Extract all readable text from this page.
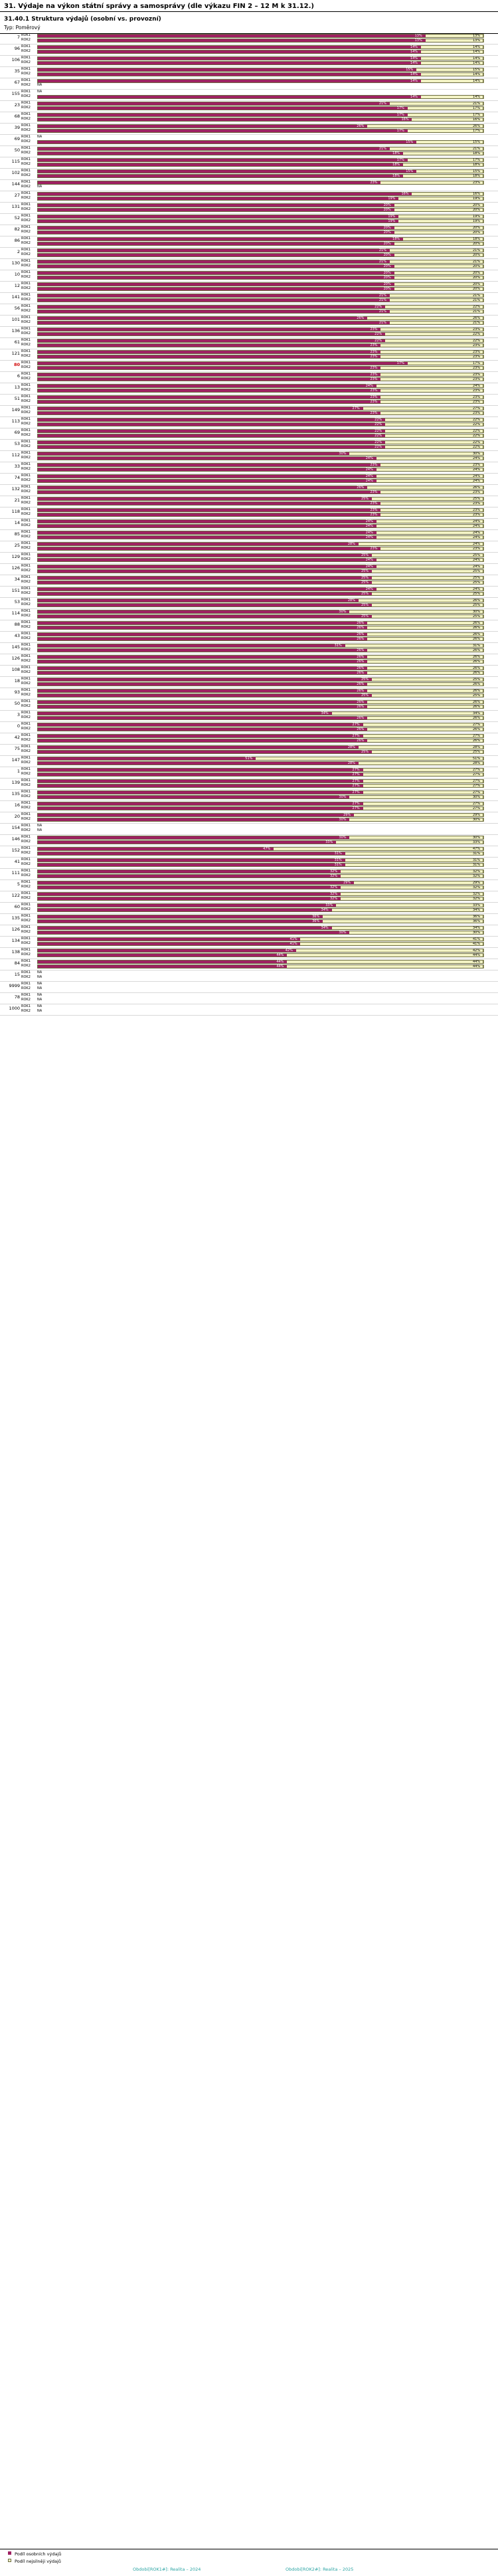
31. Výdaje na výkon státní správy a samosprávy (dle výkazu FIN 2 – 12 M k 31.12.)
31.40.1 Struktura výdajů (osobní vs. provozní)
Typ: Poměrový
7 ROK1	13%	13%
ROK2	13%	13%
96 ROK1	14%	14%
ROK2	14%	14%
106 ROK1	14%	14%
ROK2	14%	14%
35 ROK1	15%	15%
ROK2	14%	14%
67 ROK1	14%	14%
ROK2	NA
155 ROK1	NA
ROK2	14%	14%
23 ROK1	21%	21%
ROK2	17%	17%
68 ROK1	17%	17%
ROK2	16%	16%
39 ROK1	26%	26%
ROK2	17%	17%
69 ROK1	NA
ROK2	15%	15%
50 ROK1	21%	21%
ROK2	18%	18%
115 ROK1	17%	17%
ROK2	18%	18%
102 ROK1	15%	15%
ROK2	18%	18%
144 ROK1	23%	23%
ROK2	NA
27 ROK1	16%	16%
ROK2	19%	19%
131 ROK1	20%	20%
ROK2	20%	20%
52 ROK1	19%	19%
ROK2	19%	19%
82 ROK1	20%	20%
ROK2	20%	20%
86 ROK1	18%	18%
ROK2	20%	20%
2 ROK1	21%	21%
ROK2	20%	20%
130 ROK1	21%	21%
ROK2	20%	20%
10 ROK1	20%	20%
ROK2	20%	20%
12 ROK1	20%	20%
ROK2	20%	20%
141 ROK1	21%	21%
ROK2	21%	21%
56 ROK1	22%	22%
ROK2	21%	21%
101 ROK1	26%	26%
ROK2	21%	21%
136 ROK1	23%	23%
ROK2	22%	22%
61 ROK1	22%	22%
ROK2	23%	23%
121 ROK1	23%	23%
ROK2	23%	23%
80 ROK1	17%	17%
ROK2	23%	23%
6 ROK1	23%	23%
ROK2	23%	23%
13 ROK1	24%	24%
ROK2	23%	23%
51 ROK1	23%	23%
ROK2	23%	23%
149 ROK1	27%	27%
ROK2	23%	23%
113 ROK1	22%	22%
ROK2	22%	22%
69 ROK1	22%	22%
ROK2	22%	22%
53 ROK1	22%	22%
ROK2	22%	22%
112 ROK1	30%	30%
ROK2	24%	24%
33 ROK1	23%	23%
ROK2	24%	24%
74 ROK1	24%	24%
ROK2	24%	24%
132 ROK1	26%	26%
ROK2	23%	23%
21 ROK1	25%	25%
ROK2	23%	23%
118 ROK1	23%	23%
ROK2	23%	23%
14 ROK1	24%	24%
ROK2	24%	24%
85 ROK1	24%	24%
ROK2	24%	24%
25 ROK1	28%	24%
ROK2	23%	23%
129 ROK1	25%	25%
ROK2	24%	24%
126 ROK1	24%	24%
ROK2	25%	25%
34 ROK1	25%	25%
ROK2	25%	25%
151 ROK1	24%	24%
ROK2	25%	25%
53 ROK1	28%	26%
ROK2	25%	25%
114 ROK1	30%	30%
ROK2	25%	25%
88 ROK1	26%	26%
ROK2	26%	26%
43 ROK1	26%	26%
ROK2	26%	26%
145 ROK1	31%	31%
ROK2	26%	26%
126 ROK1	26%	26%
ROK2	26%	26%
108 ROK1	26%	26%
ROK2	26%	26%
18 ROK1	25%	25%
ROK2	26%	26%
93 ROK1	26%	26%
ROK2	25%	25%
50 ROK1	26%	26%
ROK2	26%	26%
3 ROK1	34%	34%
ROK2	26%	26%
0 ROK1	27%	27%
ROK2	26%	26%
42 ROK1	27%	27%
ROK2	26%	26%
75 ROK1	28%	28%
ROK2	25%	25%
147 ROK1	51%	51%
ROK2	28%	28%
1 ROK1	27%	27%
ROK2	27%	27%
139 ROK1	27%	27%
ROK2	27%	27%
135 ROK1	27%	27%
ROK2	30%	30%
16 ROK1	27%	27%
ROK2	27%	27%
20 ROK1	29%	29%
ROK2	30%	30%
154 ROK1	NA
ROK2	NA
146 ROK1	30%	30%
ROK2	33%	33%
152 ROK1	47%	47%
ROK2	31%	31%
41 ROK1	31%	31%
ROK2	31%	31%
111 ROK1	32%	32%
ROK2	32%	32%
5 ROK1	29%	29%
ROK2	32%	32%
122 ROK1	32%	32%
ROK2	32%	32%
60 ROK1	33%	33%
ROK2	34%	34%
135 ROK1	36%	36%
ROK2	36%	36%
126 ROK1	34%	34%
ROK2	30%	30%
134 ROK1	41%	41%
ROK2	41%	41%
138 ROK1	42%	42%
ROK2	44%	44%
84 ROK1	44%	44%
ROK2	44%	44%
15 ROK1	NA
ROK2	NA
9999 ROK1	NA
ROK2	NA
78 ROK1	NA
ROK2	NA
1000 ROK1	NA
ROK2	NA
Podíl osobních výdajů
Podíl nejsilněji výdajů
Obdobi[ROK1#]: Realita – 2024	Obdobi[ROK2#]: Realita – 2025
